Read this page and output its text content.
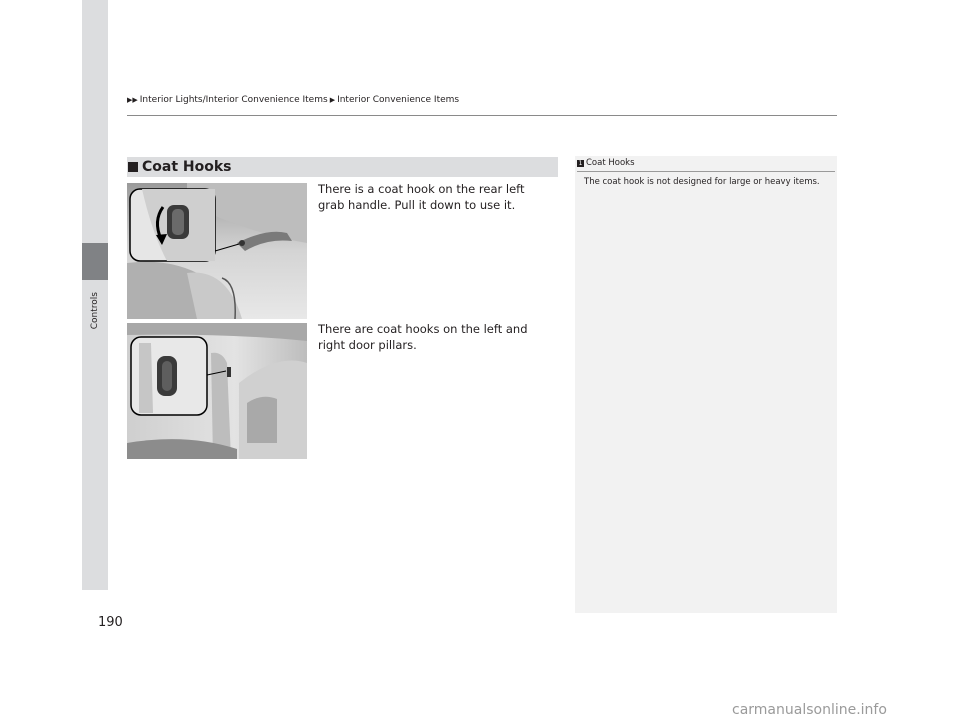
Controls
▶▶ Interior Lights/Interior Convenience Items ▶ Interior Convenience Items
Coat Hooks
There is a coat hook on the rear left grab handle. Pull it down to use it.
There are coat hooks on the left and right door pillars.
1 Coat Hooks
The coat hook is not designed for large or heavy items.
190
carmanualsonline.info
